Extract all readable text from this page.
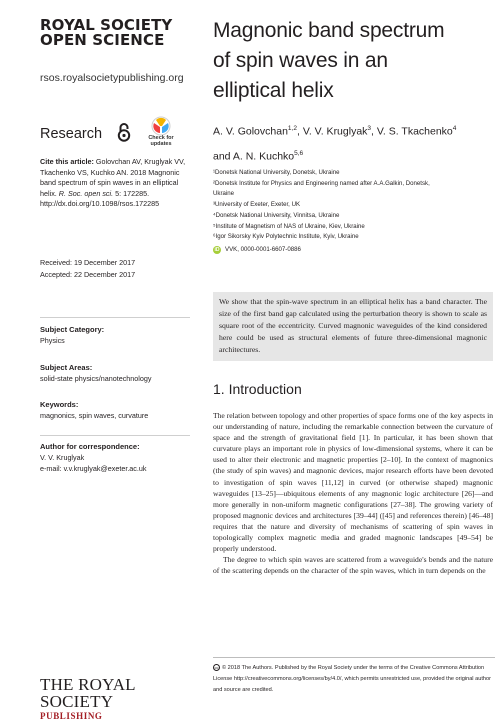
ROYAL SOCIETY
OPEN SCIENCE
rsos.royalsocietypublishing.org
Research	Check for
updates
Cite this article: Golovchan AV, Kruglyak VV, Tkachenko VS, Kuchko AN. 2018 Magnonic band spectrum of spin waves in an elliptical helix. R. Soc. open sci. 5: 172285.
http://dx.doi.org/10.1098/rsos.172285
Received: 19 December 2017
Accepted: 22 December 2017
Subject Category:
Physics
Subject Areas:
solid-state physics/nanotechnology
Keywords:
magnonics, spin waves, curvature
Author for correspondence:
V. V. Kruglyak
e-mail: v.v.kruglyak@exeter.ac.uk
THE ROYAL SOCIETY
PUBLISHING
Magnonic band spectrum
of spin waves in an
elliptical helix
A. V. Golovchan$^{1,2}$, V. V. Kruglyak$^3$, V. S. Tkachenko$^4$
and A. N. Kuchko$^{5,6}$
¹Donetsk National University, Donetsk, Ukraine
²Donetsk Institute for Physics and Engineering named after A.A.Galkin, Donetsk,
Ukraine
³University of Exeter, Exeter, UK
⁴Donetsk National University, Vinnitsa, Ukraine
⁵Institute of Magnetism of NAS of Ukraine, Kiev, Ukraine
⁶Igor Sikorsky Kyiv Polytechnic Institute, Kyiv, Ukraine
iD VVK, 0000-0001-6607-0886
We show that the spin-wave spectrum in an elliptical helix has a band character. The size of the first band gap calculated using the perturbation theory is shown to scale as square root of the eccentricity. Curved magnonic waveguides of the kind considered here could be used as structural elements of future three-dimensional magnonic architectures.
1. Introduction

The relation between topology and other properties of space forms one of the key aspects in our understanding of nature, including the remarkable connection between the curvature of space and the strength of gravitational field [1]. In particular, it has been shown that curvature plays an important role in physics of low-dimensional systems, where it can be used to alter their electronic and magnetic properties [2–10]. In the context of magnonics (the study of spin waves) and magnonic devices, major research efforts have been devoted to investigation of spin waves [11,12] in curved (or otherwise shaped) magnonic waveguides [13–25]—ubiquitous elements of any magnonic logic architecture [26]—and more generally in non-uniform magnetic configurations [27–38]. The growing variety of proposed magnonic devices and architectures [39–44] ([45] and references therein) [46–48] requires that the nature and diversity of mechanisms of scattering of spin waves in topologically complex magnetic media and graded magnonic landscapes [49–54] be properly understood.

The degree to which spin waves are scattered from a waveguide's bends and the nature of the scattering depends on the character of the spin waves, which in turn depends on the

cc © 2018 The Authors. Published by the Royal Society under the terms of the Creative Commons Attribution License http://creativecommons.org/licenses/by/4.0/, which permits unrestricted use, provided the original author and source are credited.
